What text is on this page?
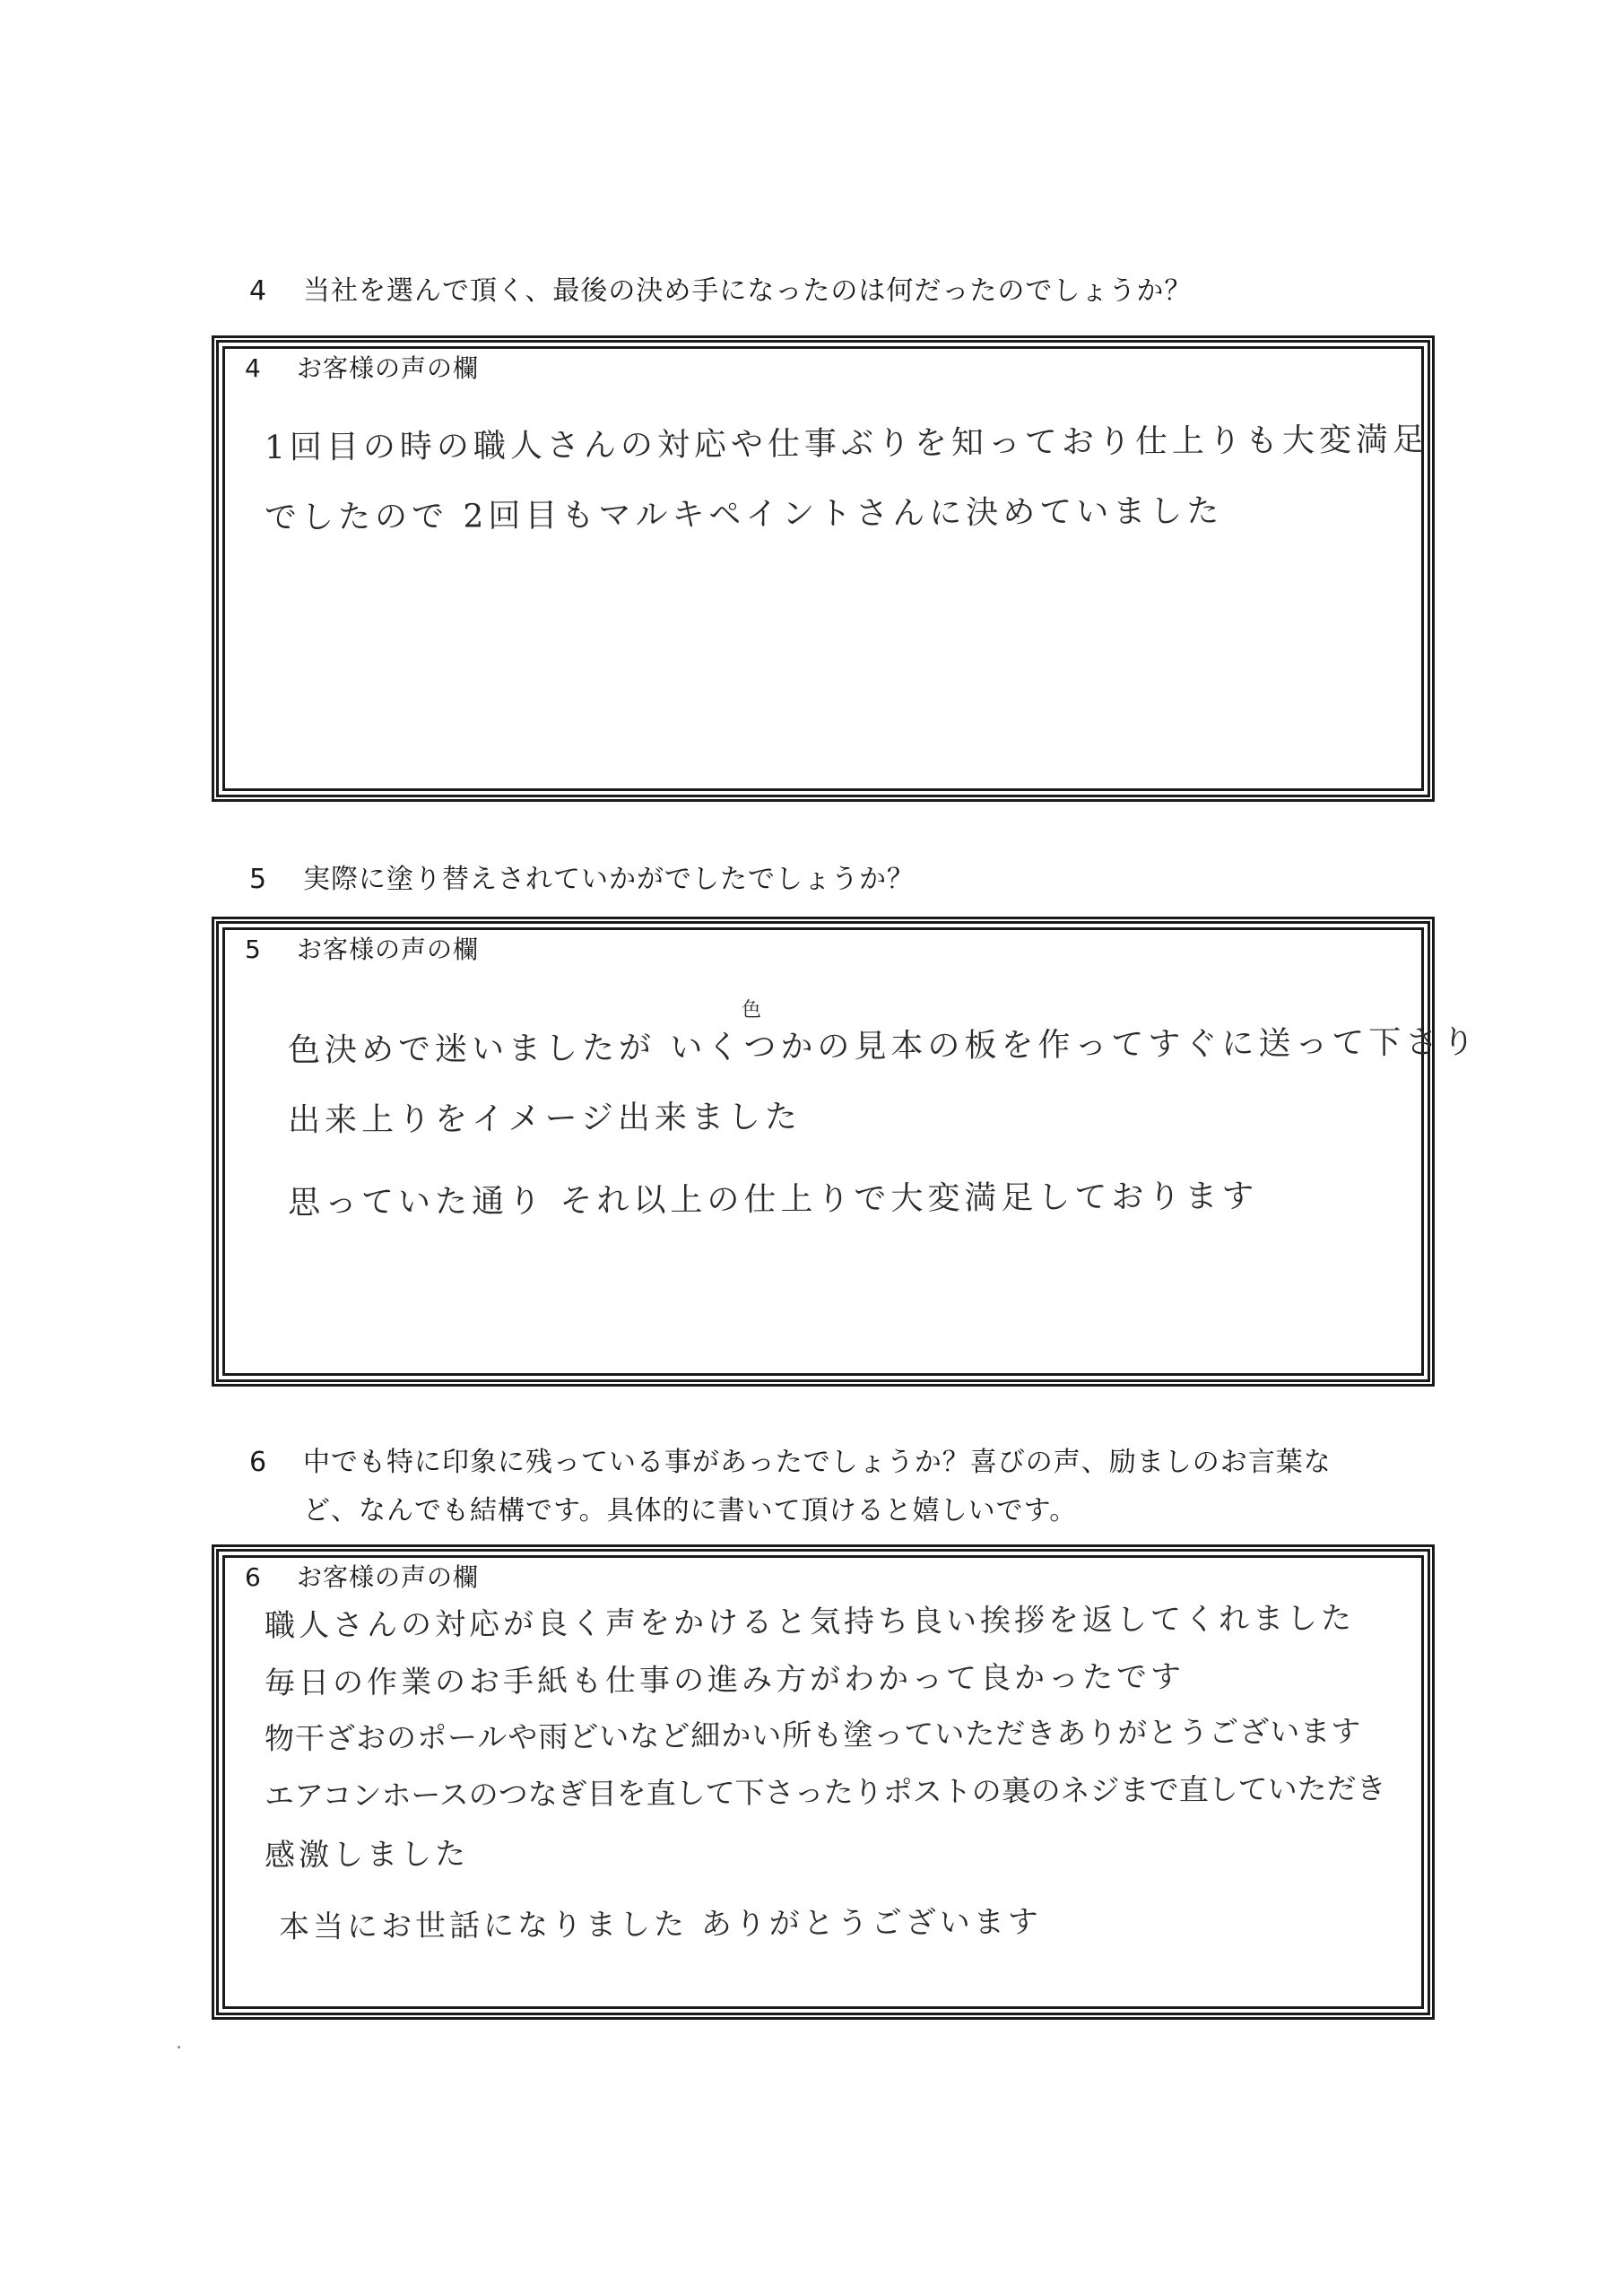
4 当社を選んで頂く、最後の決め手になったのは何だったのでしょうか？
4 お客様の声の欄
1回目の時の職人さんの対応や仕事ぶりを知っており仕上りも大変満足
でしたので 2回目もマルキペイントさんに決めていました
5 実際に塗り替えされていかがでしたでしょうか？
5 お客様の声の欄
色
色決めで迷いましたが いくつかの見本の板を作ってすぐに送って下さり
出来上りをイメージ出来ました
思っていた通り それ以上の仕上りで大変満足しております
6 中でも特に印象に残っている事があったでしょうか？喜びの声、励ましのお言葉な
ど、なんでも結構です。具体的に書いて頂けると嬉しいです。
6 お客様の声の欄
職人さんの対応が良く声をかけると気持ち良い挨拶を返してくれました
毎日の作業のお手紙も仕事の進み方がわかって良かったです
物干ざおのポールや雨どいなど細かい所も塗っていただきありがとうございます
エアコンホースのつなぎ目を直して下さったりポストの裏のネジまで直していただき
感激しました
本当にお世話になりました ありがとうございます
